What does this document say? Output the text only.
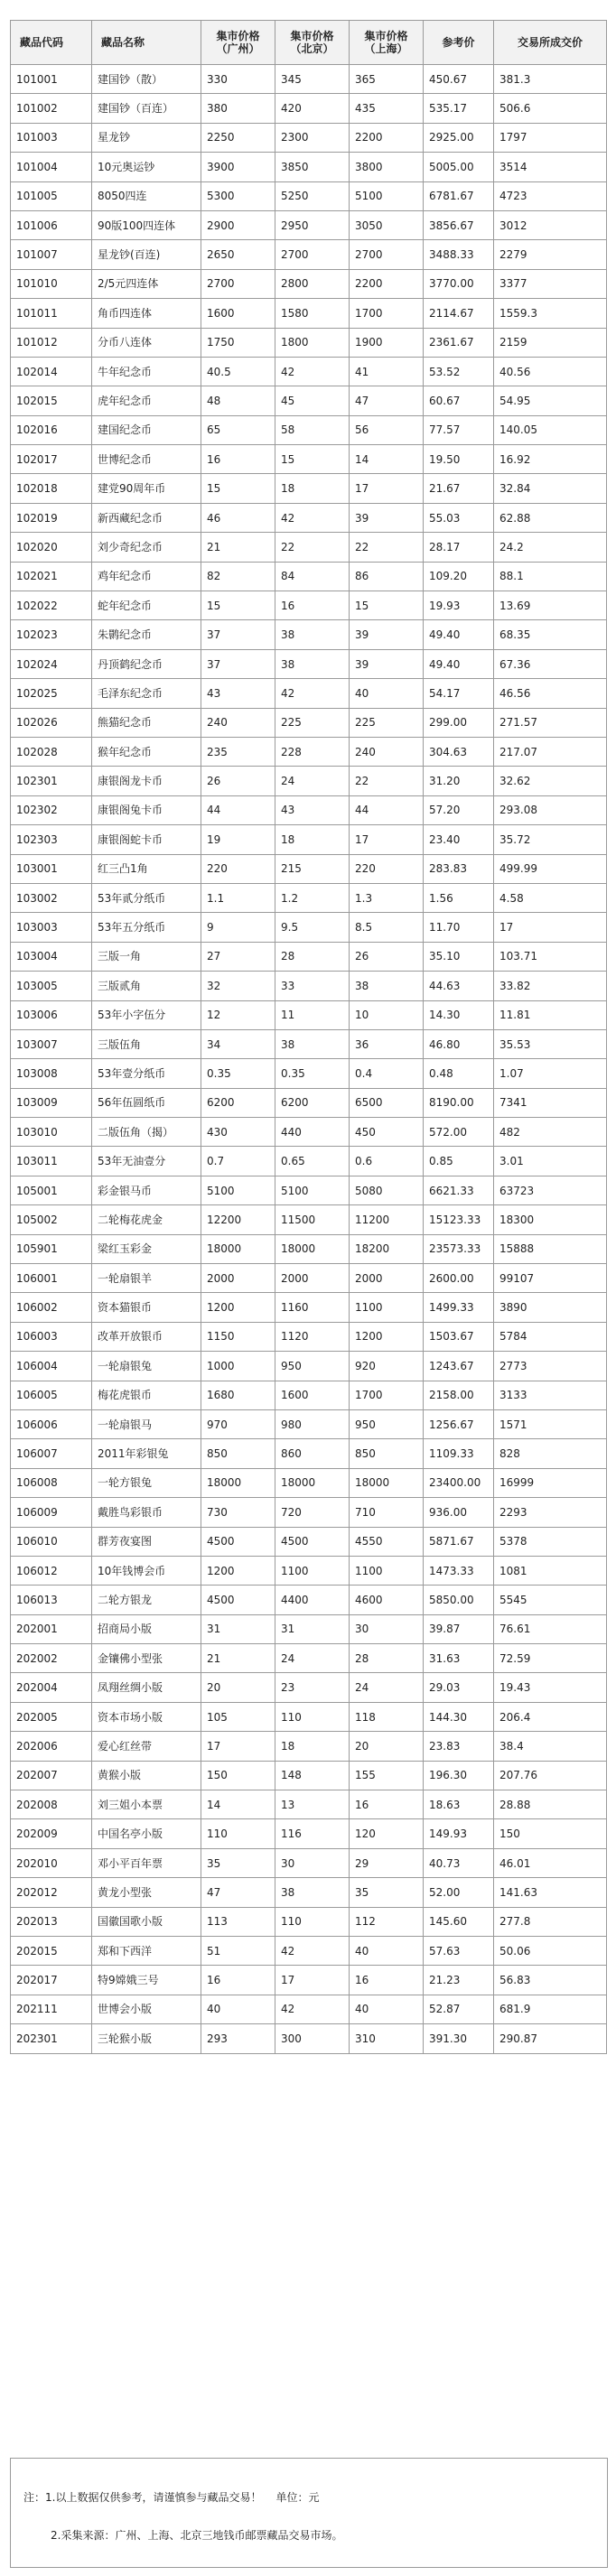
藏品代码	藏品名称	集市价格（广州）	集市价格（北京）	集市价格（上海）	参考价	交易所成交价
101001	建国钞（散）	330	345	365	450.67	381.3
101002	建国钞（百连）	380	420	435	535.17	506.6
101003	星龙钞	2250	2300	2200	2925.00	1797
101004	10元奥运钞	3900	3850	3800	5005.00	3514
101005	8050四连	5300	5250	5100	6781.67	4723
101006	90版100四连体	2900	2950	3050	3856.67	3012
101007	星龙钞(百连)	2650	2700	2700	3488.33	2279
101010	2/5元四连体	2700	2800	2200	3770.00	3377
101011	角币四连体	1600	1580	1700	2114.67	1559.3
101012	分币八连体	1750	1800	1900	2361.67	2159
102014	牛年纪念币	40.5	42	41	53.52	40.56
102015	虎年纪念币	48	45	47	60.67	54.95
102016	建国纪念币	65	58	56	77.57	140.05
102017	世博纪念币	16	15	14	19.50	16.92
102018	建党90周年币	15	18	17	21.67	32.84
102019	新西藏纪念币	46	42	39	55.03	62.88
102020	刘少奇纪念币	21	22	22	28.17	24.2
102021	鸡年纪念币	82	84	86	109.20	88.1
102022	蛇年纪念币	15	16	15	19.93	13.69
102023	朱鹮纪念币	37	38	39	49.40	68.35
102024	丹顶鹤纪念币	37	38	39	49.40	67.36
102025	毛泽东纪念币	43	42	40	54.17	46.56
102026	熊猫纪念币	240	225	225	299.00	271.57
102028	猴年纪念币	235	228	240	304.63	217.07
102301	康银阁龙卡币	26	24	22	31.20	32.62
102302	康银阁兔卡币	44	43	44	57.20	293.08
102303	康银阁蛇卡币	19	18	17	23.40	35.72
103001	红三凸1角	220	215	220	283.83	499.99
103002	53年贰分纸币	1.1	1.2	1.3	1.56	4.58
103003	53年五分纸币	9	9.5	8.5	11.70	17
103004	三版一角	27	28	26	35.10	103.71
103005	三版贰角	32	33	38	44.63	33.82
103006	53年小字伍分	12	11	10	14.30	11.81
103007	三版伍角	34	38	36	46.80	35.53
103008	53年壹分纸币	0.35	0.35	0.4	0.48	1.07
103009	56年伍圆纸币	6200	6200	6500	8190.00	7341
103010	二版伍角（揭）	430	440	450	572.00	482
103011	53年无油壹分	0.7	0.65	0.6	0.85	3.01
105001	彩金银马币	5100	5100	5080	6621.33	63723
105002	二轮梅花虎金	12200	11500	11200	15123.33	18300
105901	梁红玉彩金	18000	18000	18200	23573.33	15888
106001	一轮扇银羊	2000	2000	2000	2600.00	99107
106002	资本猫银币	1200	1160	1100	1499.33	3890
106003	改革开放银币	1150	1120	1200	1503.67	5784
106004	一轮扇银兔	1000	950	920	1243.67	2773
106005	梅花虎银币	1680	1600	1700	2158.00	3133
106006	一轮扇银马	970	980	950	1256.67	1571
106007	2011年彩银兔	850	860	850	1109.33	828
106008	一轮方银兔	18000	18000	18000	23400.00	16999
106009	戴胜鸟彩银币	730	720	710	936.00	2293
106010	群芳夜宴图	4500	4500	4550	5871.67	5378
106012	10年钱博会币	1200	1100	1100	1473.33	1081
106013	二轮方银龙	4500	4400	4600	5850.00	5545
202001	招商局小版	31	31	30	39.87	76.61
202002	金镶佛小型张	21	24	28	31.63	72.59
202004	凤翔丝绸小版	20	23	24	29.03	19.43
202005	资本市场小版	105	110	118	144.30	206.4
202006	爱心红丝带	17	18	20	23.83	38.4
202007	黄猴小版	150	148	155	196.30	207.76
202008	刘三姐小本票	14	13	16	18.63	28.88
202009	中国名亭小版	110	116	120	149.93	150
202010	邓小平百年票	35	30	29	40.73	46.01
202012	黄龙小型张	47	38	35	52.00	141.63
202013	国徽国歌小版	113	110	112	145.60	277.8
202015	郑和下西洋	51	42	40	57.63	50.06
202017	特9嫦娥三号	16	17	16	21.23	56.83
202111	世博会小版	40	42	40	52.87	681.9
202301	三轮猴小版	293	300	310	391.30	290.87
注：1.以上数据仅供参考，请谨慎参与藏品交易！ 单位：元
2.采集来源：广州、上海、北京三地钱币邮票藏品交易市场。
